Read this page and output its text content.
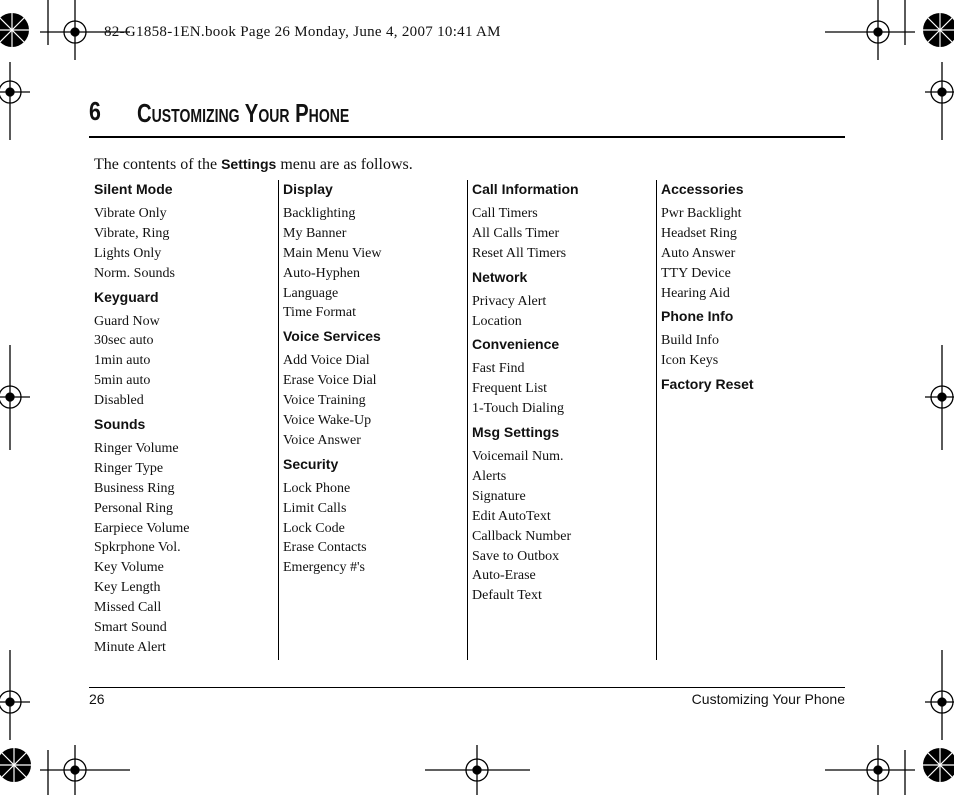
82-G1858-1EN.book Page 26 Monday, June 4, 2007 10:41 AM
6 Customizing Your Phone
The contents of the Settings menu are as follows.
Silent Mode
Vibrate Only
Vibrate, Ring
Lights Only
Norm. Sounds
Keyguard
Guard Now
30sec auto
1min auto
5min auto
Disabled
Sounds
Ringer Volume
Ringer Type
Business Ring
Personal Ring
Earpiece Volume
Spkrphone Vol.
Key Volume
Key Length
Missed Call
Smart Sound
Minute Alert
Display
Backlighting
My Banner
Main Menu View
Auto-Hyphen
Language
Time Format
Voice Services
Add Voice Dial
Erase Voice Dial
Voice Training
Voice Wake-Up
Voice Answer
Security
Lock Phone
Limit Calls
Lock Code
Erase Contacts
Emergency #'s
Call Information
Call Timers
All Calls Timer
Reset All Timers
Network
Privacy Alert
Location
Convenience
Fast Find
Frequent List
1-Touch Dialing
Msg Settings
Voicemail Num.
Alerts
Signature
Edit AutoText
Callback Number
Save to Outbox
Auto-Erase
Default Text
Accessories
Pwr Backlight
Headset Ring
Auto Answer
TTY Device
Hearing Aid
Phone Info
Build Info
Icon Keys
Factory Reset
26	Customizing Your Phone
